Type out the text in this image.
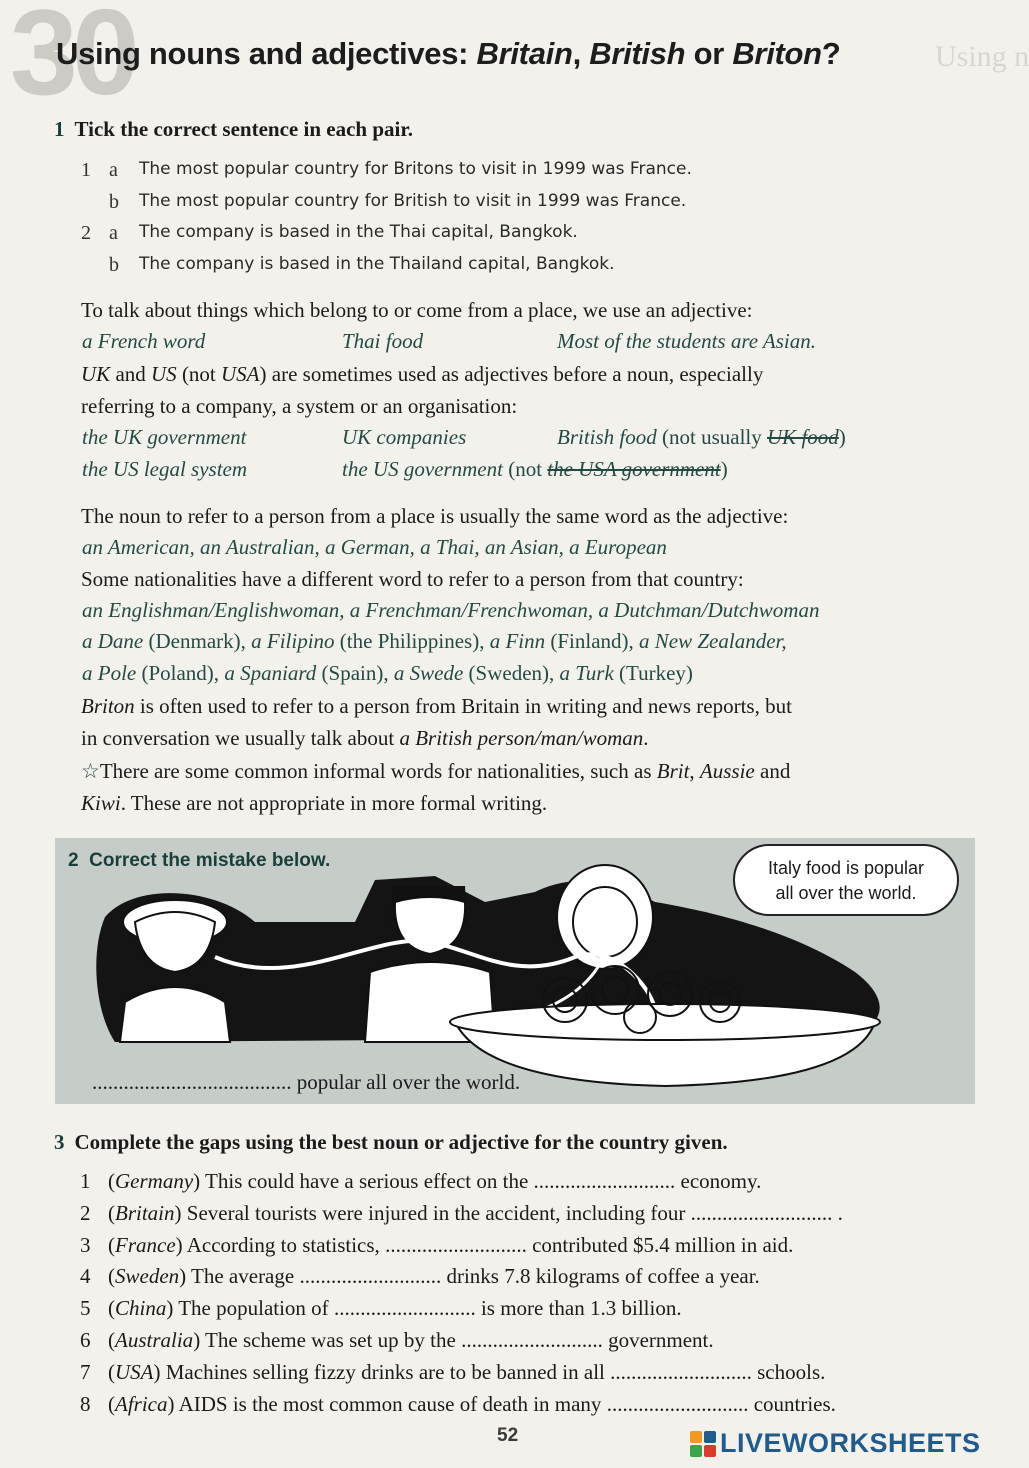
30	Using n
Using nouns and adjectives: Britain, British or Briton?
1 Tick the correct sentence in each pair.
1 a The most popular country for Britons to visit in 1999 was France.
b The most popular country for British to visit in 1999 was France.
2 a The company is based in the Thai capital, Bangkok.
b The company is based in the Thailand capital, Bangkok.
To talk about things which belong to or come from a place, we use an adjective:
a French word	Thai food	Most of the students are Asian.
UK and US (not USA) are sometimes used as adjectives before a noun, especially
referring to a company, a system or an organisation:
the UK government	UK companies	British food (not usually UK food)
the US legal system	the US government (not the USA government)
The noun to refer to a person from a place is usually the same word as the adjective:
an American, an Australian, a German, a Thai, an Asian, a European
Some nationalities have a different word to refer to a person from that country:
an Englishman/Englishwoman, a Frenchman/Frenchwoman, a Dutchman/Dutchwoman
a Dane (Denmark), a Filipino (the Philippines), a Finn (Finland), a New Zealander,
a Pole (Poland), a Spaniard (Spain), a Swede (Sweden), a Turk (Turkey)
Briton is often used to refer to a person from Britain in writing and news reports, but
in conversation we usually talk about a British person/man/woman.
☆There are some common informal words for nationalities, such as Brit, Aussie and
Kiwi. These are not appropriate in more formal writing.
2 Correct the mistake below.	Italy food is popular
all over the world.
...................................... popular all over the world.
3 Complete the gaps using the best noun or adjective for the country given.
1 (Germany) This could have a serious effect on the ........................... economy.
2 (Britain) Several tourists were injured in the accident, including four ........................... .
3 (France) According to statistics, ........................... contributed $5.4 million in aid.
4 (Sweden) The average ........................... drinks 7.8 kilograms of coffee a year.
5 (China) The population of ........................... is more than 1.3 billion.
6 (Australia) The scheme was set up by the ........................... government.
7 (USA) Machines selling fizzy drinks are to be banned in all ........................... schools.
8 (Africa) AIDS is the most common cause of death in many ........................... countries.
52	LIVEWORKSHEETS
